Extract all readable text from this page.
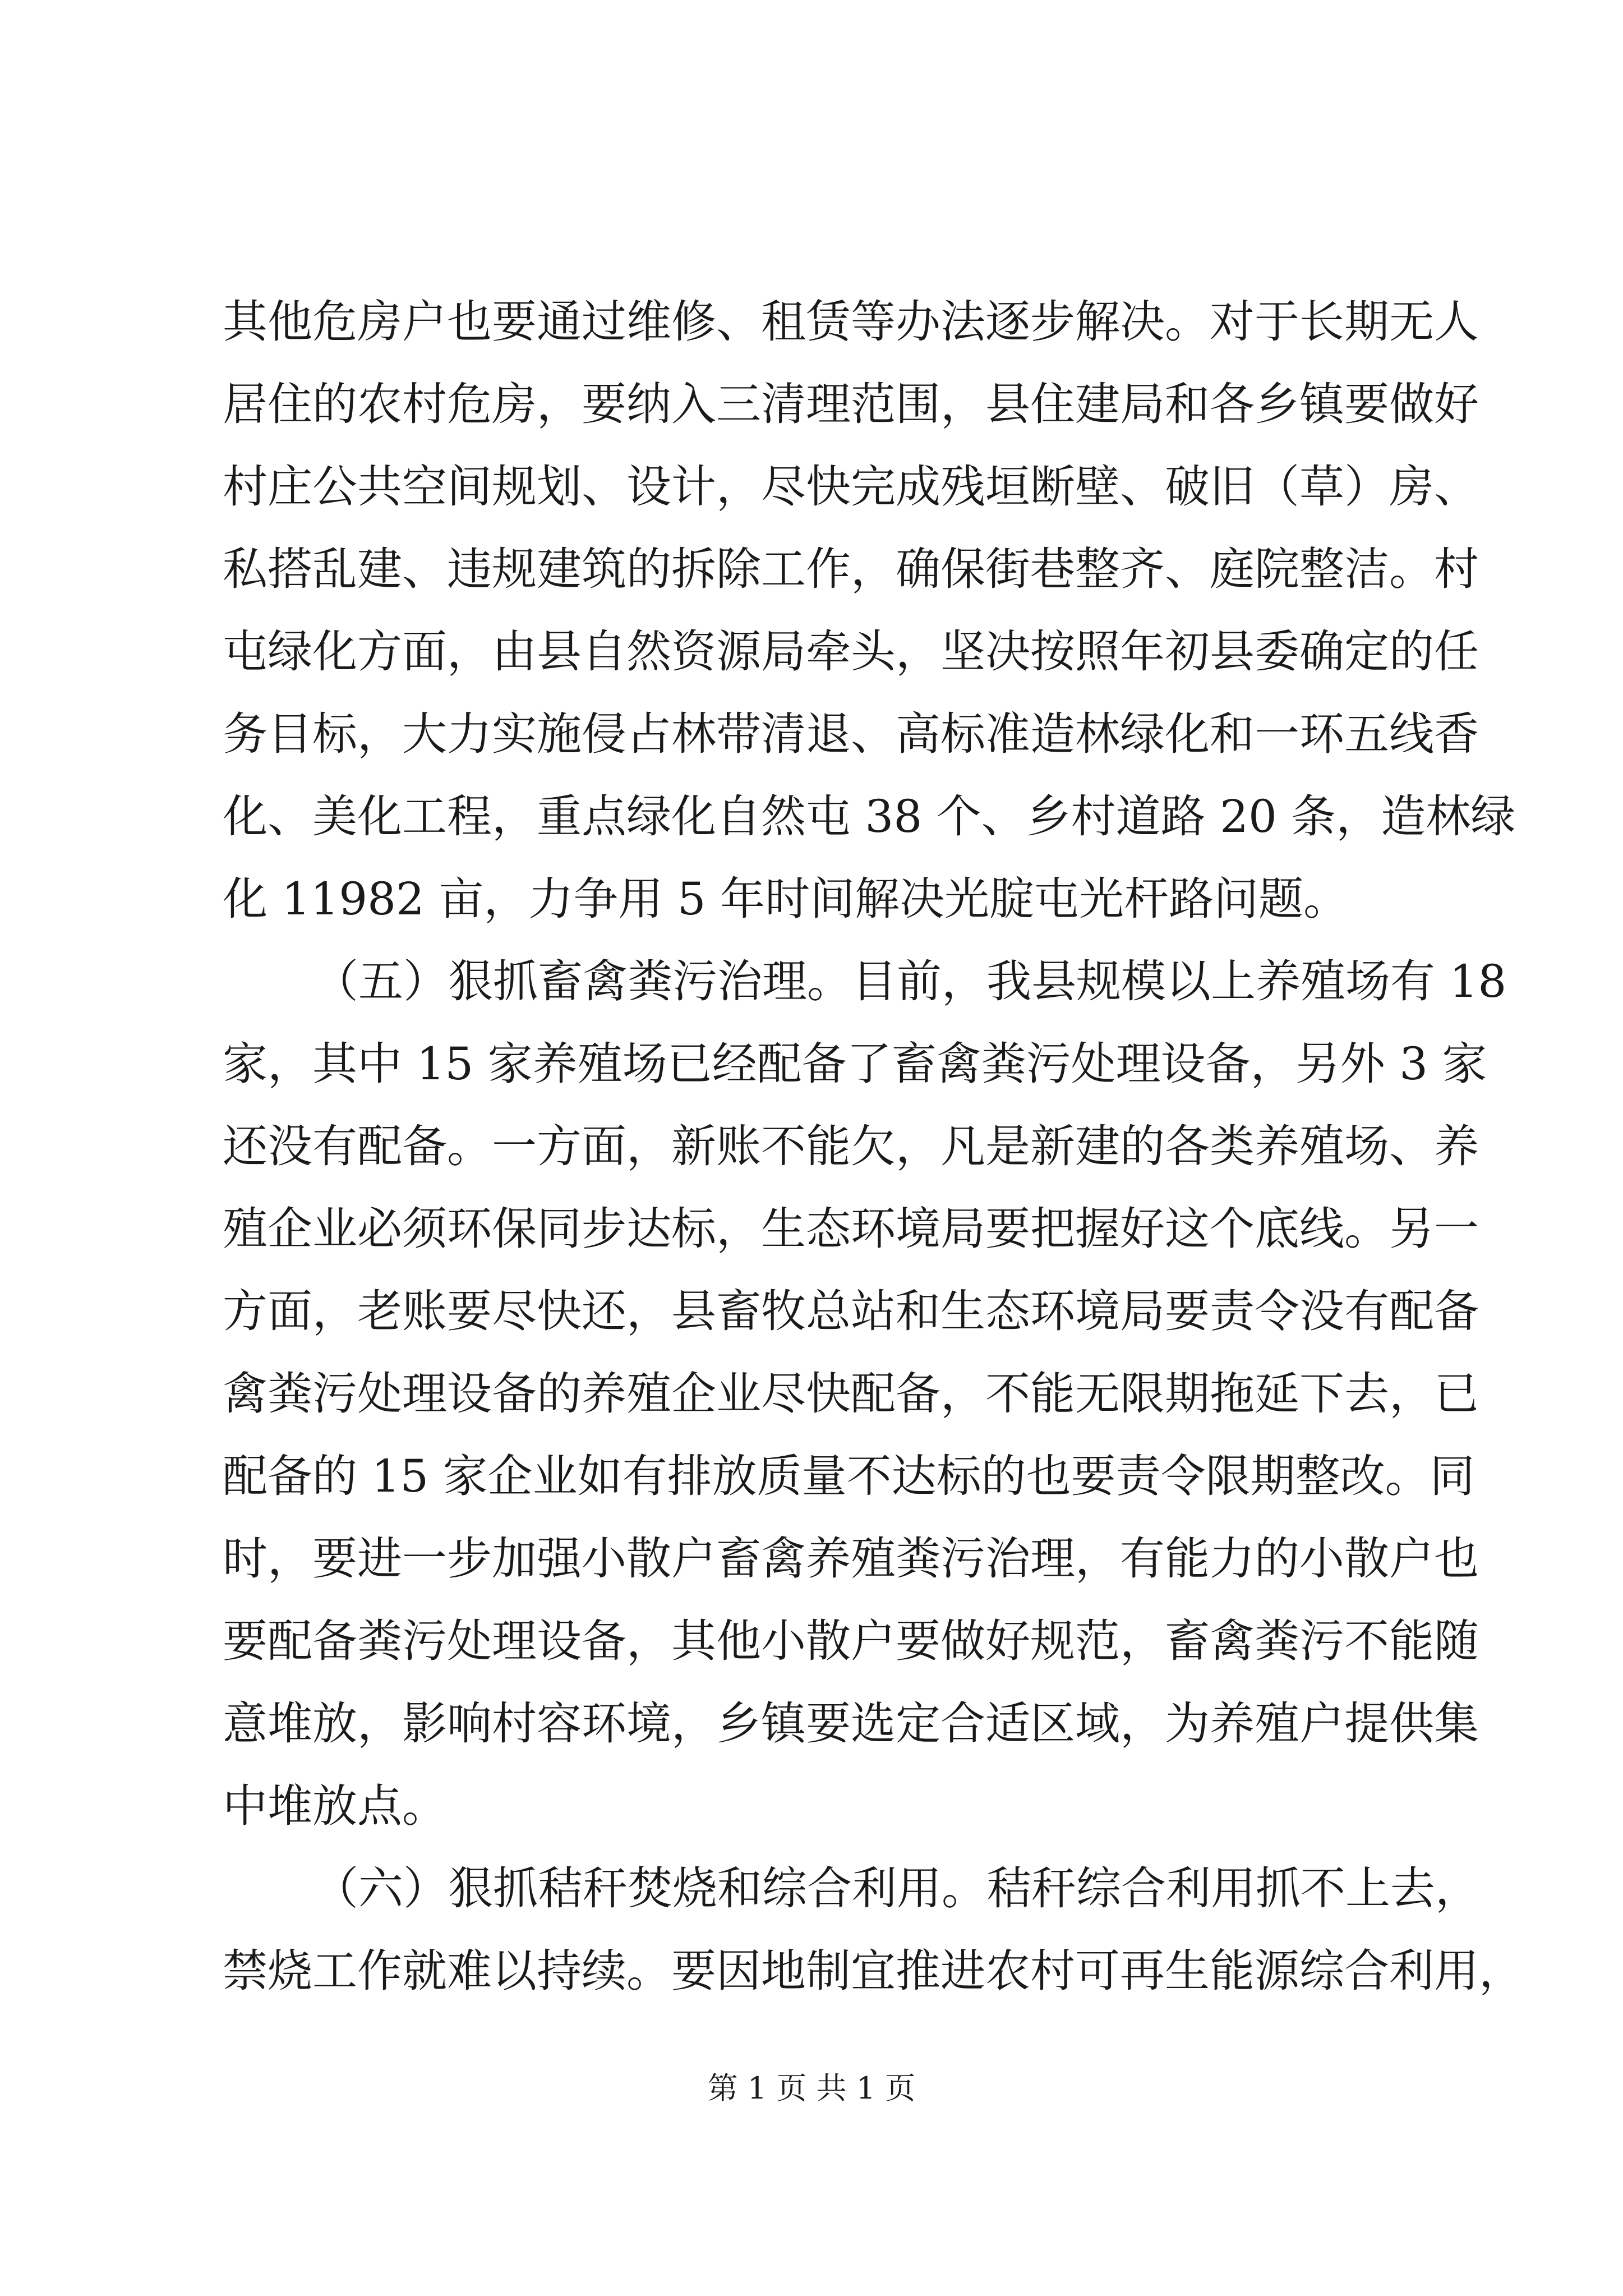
其他危房户也要通过维修、租赁等办法逐步解决。对于长期无人
居住的农村危房，要纳入三清理范围，县住建局和各乡镇要做好
村庄公共空间规划、设计，尽快完成残垣断壁、破旧（草）房、
私搭乱建、违规建筑的拆除工作，确保街巷整齐、庭院整洁。村
屯绿化方面，由县自然资源局牵头，坚决按照年初县委确定的任
务目标，大力实施侵占林带清退、高标准造林绿化和一环五线香
化、美化工程，重点绿化自然屯 38 个、乡村道路 20 条，造林绿
化 11982 亩，力争用 5 年时间解决光腚屯光杆路问题。
（五）狠抓畜禽粪污治理。目前，我县规模以上养殖场有 18
家，其中 15 家养殖场已经配备了畜禽粪污处理设备，另外 3 家
还没有配备。一方面，新账不能欠，凡是新建的各类养殖场、养
殖企业必须环保同步达标，生态环境局要把握好这个底线。另一
方面，老账要尽快还，县畜牧总站和生态环境局要责令没有配备
禽粪污处理设备的养殖企业尽快配备，不能无限期拖延下去，已
配备的 15 家企业如有排放质量不达标的也要责令限期整改。同
时，要进一步加强小散户畜禽养殖粪污治理，有能力的小散户也
要配备粪污处理设备，其他小散户要做好规范，畜禽粪污不能随
意堆放，影响村容环境，乡镇要选定合适区域，为养殖户提供集
中堆放点。
（六）狠抓秸秆焚烧和综合利用。秸秆综合利用抓不上去，
禁烧工作就难以持续。要因地制宜推进农村可再生能源综合利用，
第 1 页 共 1 页
